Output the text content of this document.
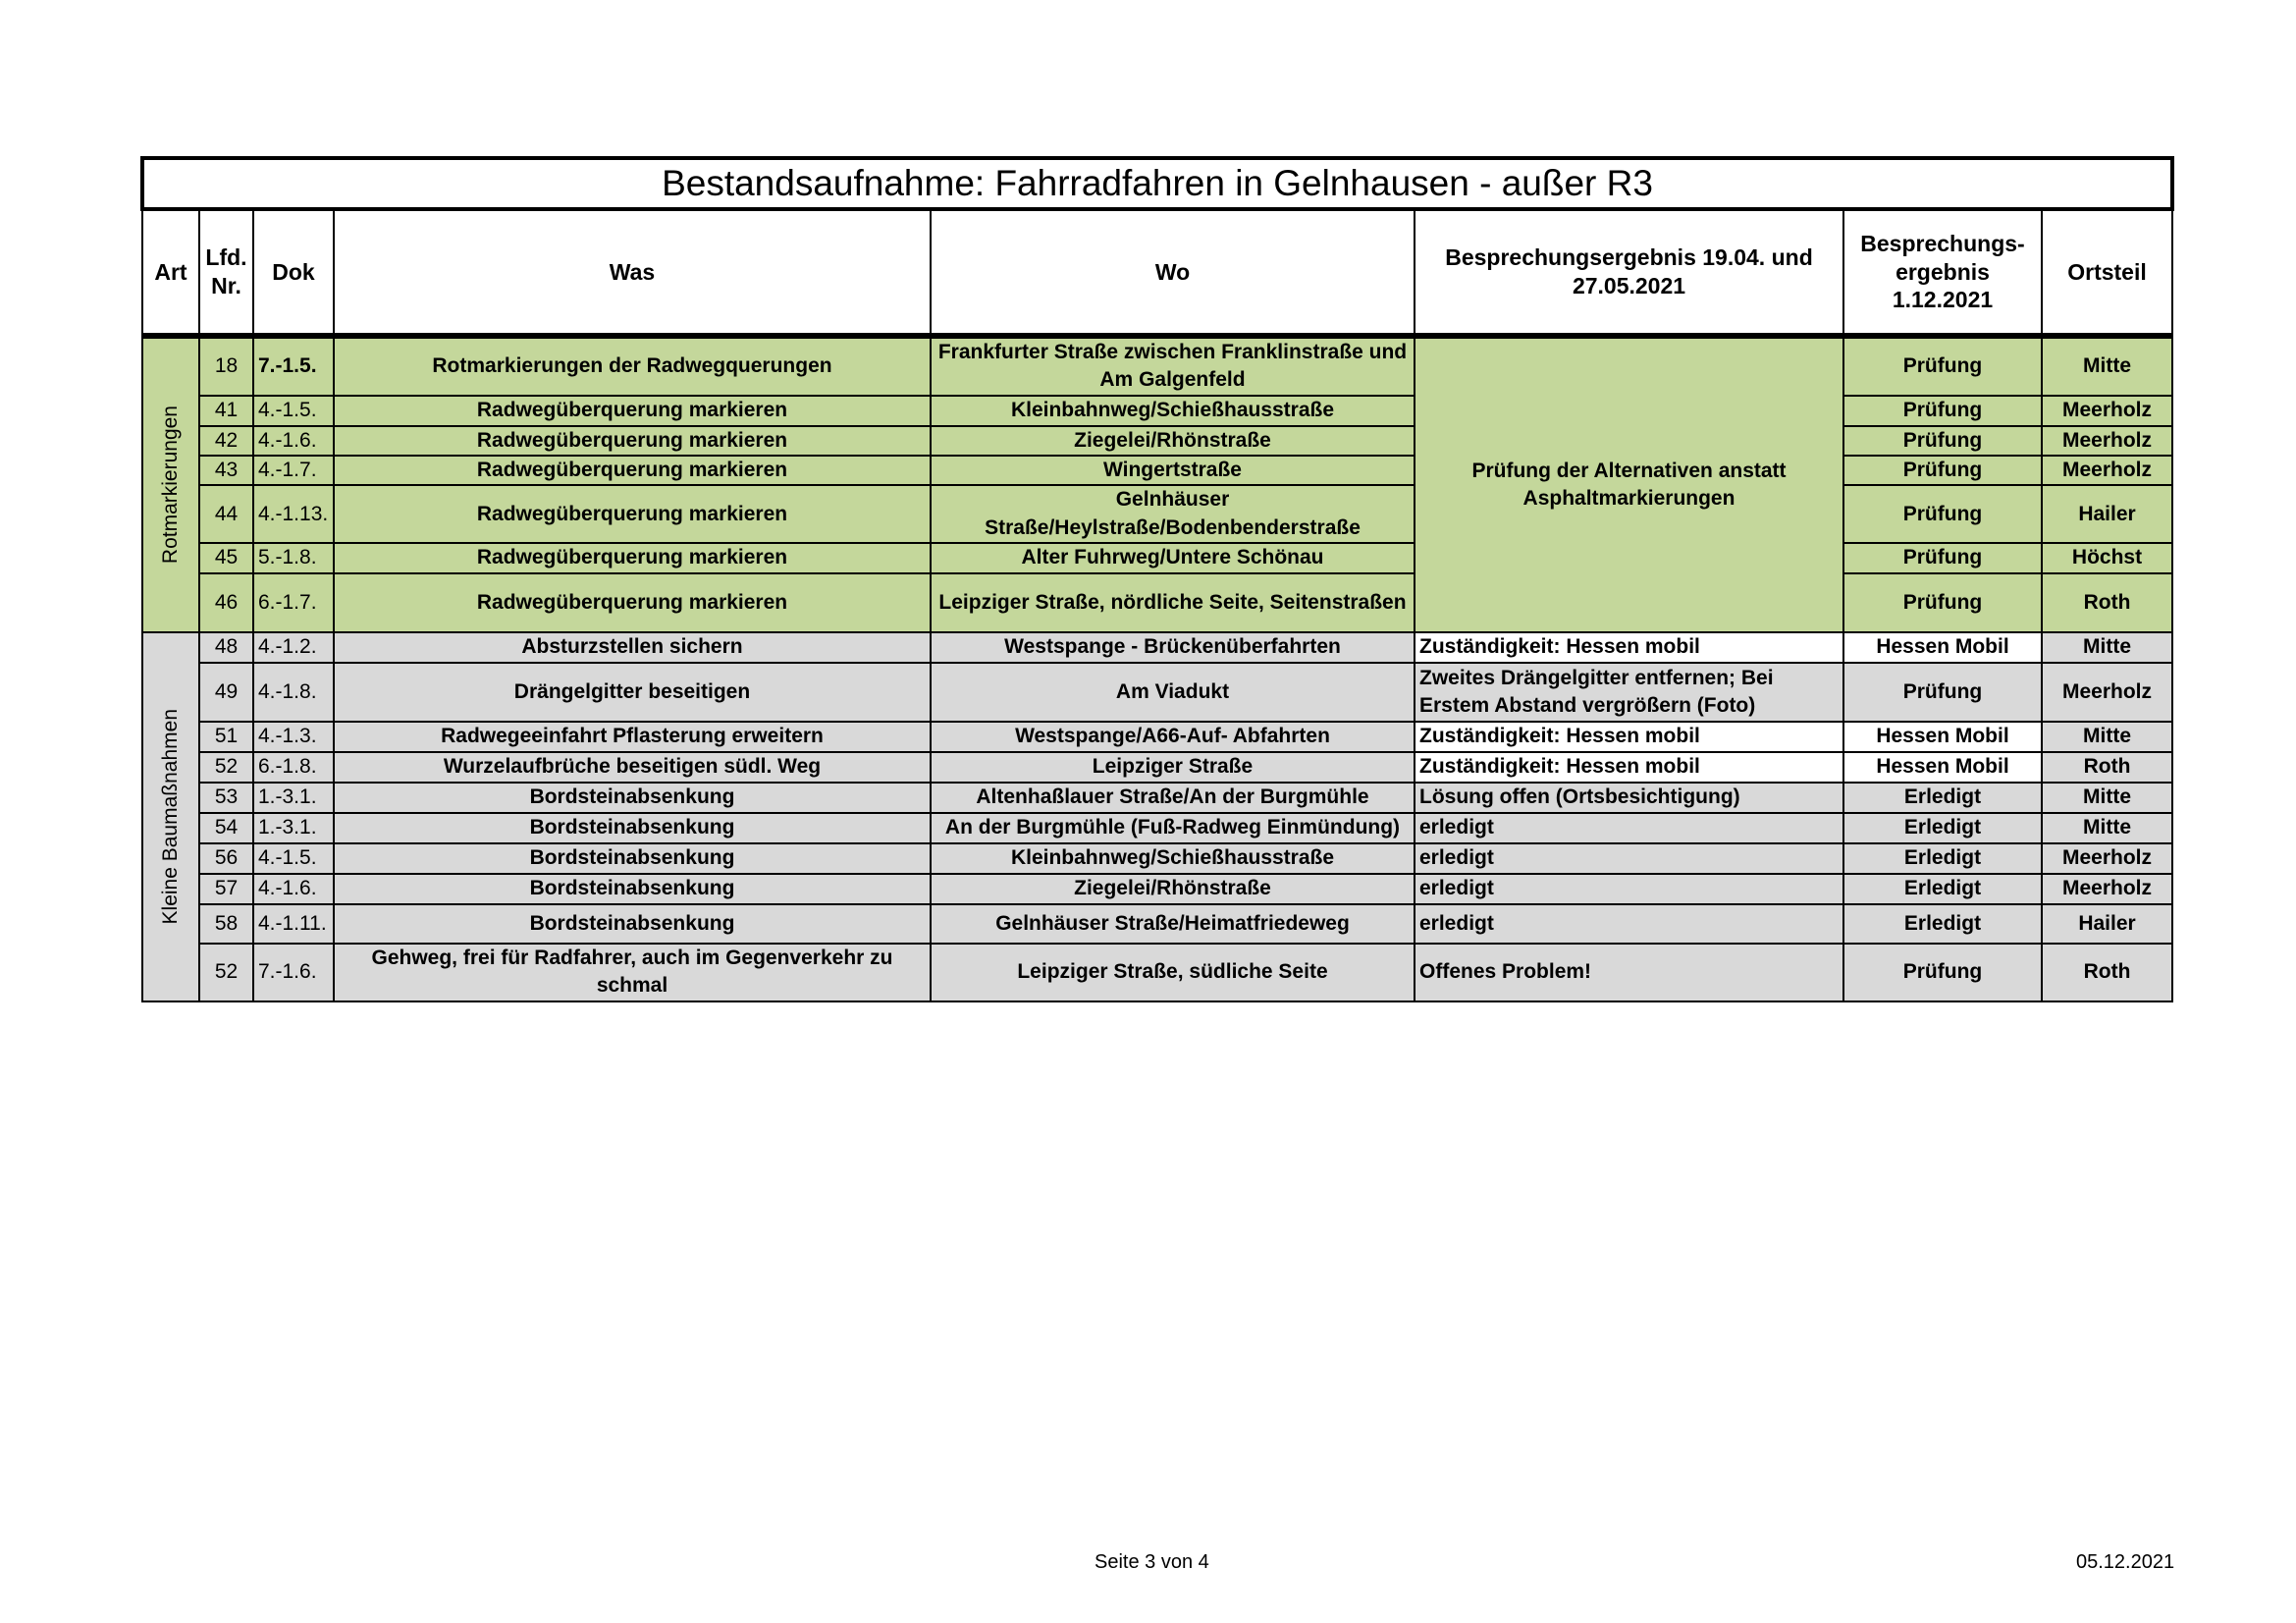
Bestandsaufnahme: Fahrradfahren in Gelnhausen - außer R3							
Art	Lfd. Nr.	Dok	Was	Wo	Besprechungsergebnis 19.04. und 27.05.2021	Besprechungs-ergebnis 1.12.2021	Ortsteil

Rotmarkierungen	18	7.-1.5.	Rotmarkierungen der Radwegquerungen	Frankfurter Straße zwischen Franklinstraße und Am Galgenfeld	Prüfung der Alternativen anstatt Asphaltmarkierungen	Prüfung	Mitte
	41	4.-1.5.	Radwegüberquerung markieren	Kleinbahnweg/Schießhausstraße		Prüfung	Meerholz
	42	4.-1.6.	Radwegüberquerung markieren	Ziegelei/Rhönstraße		Prüfung	Meerholz
	43	4.-1.7.	Radwegüberquerung markieren	Wingertstraße		Prüfung	Meerholz
	44	4.-1.13.	Radwegüberquerung markieren	Gelnhäuser Straße/Heylstraße/Bodenbenderstraße		Prüfung	Hailer
	45	5.-1.8.	Radwegüberquerung markieren	Alter Fuhrweg/Untere Schönau		Prüfung	Höchst
	46	6.-1.7.	Radwegüberquerung markieren	Leipziger Straße, nördliche Seite, Seitenstraßen		Prüfung	Roth

Kleine Baumaßnahmen	48	4.-1.2.	Absturzstellen sichern	Westspange - Brückenüberfahrten	Zuständigkeit: Hessen mobil	Hessen Mobil	Mitte
	49	4.-1.8.	Drängelgitter beseitigen	Am Viadukt	Zweites Drängelgitter entfernen; Bei Erstem Abstand vergrößern (Foto)	Prüfung	Meerholz
	51	4.-1.3.	Radwegeeinfahrt Pflasterung erweitern	Westspange/A66-Auf- Abfahrten	Zuständigkeit: Hessen mobil	Hessen Mobil	Mitte
	52	6.-1.8.	Wurzelaufbrüche beseitigen südl. Weg	Leipziger Straße	Zuständigkeit: Hessen mobil	Hessen Mobil	Roth
	53	1.-3.1.	Bordsteinabsenkung	Altenhaßlauer Straße/An der Burgmühle	Lösung offen (Ortsbesichtigung)	Erledigt	Mitte
	54	1.-3.1.	Bordsteinabsenkung	An der Burgmühle (Fuß-Radweg Einmündung)	erledigt	Erledigt	Mitte
	56	4.-1.5.	Bordsteinabsenkung	Kleinbahnweg/Schießhausstraße	erledigt	Erledigt	Meerholz
	57	4.-1.6.	Bordsteinabsenkung	Ziegelei/Rhönstraße	erledigt	Erledigt	Meerholz
	58	4.-1.11.	Bordsteinabsenkung	Gelnhäuser Straße/Heimatfriedeweg	erledigt	Erledigt	Hailer
	52	7.-1.6.	Gehweg, frei für Radfahrer, auch im Gegenverkehr zu schmal	Leipziger Straße, südliche Seite	Offenes Problem!	Prüfung	Roth
Seite 3 von 4	05.12.2021
